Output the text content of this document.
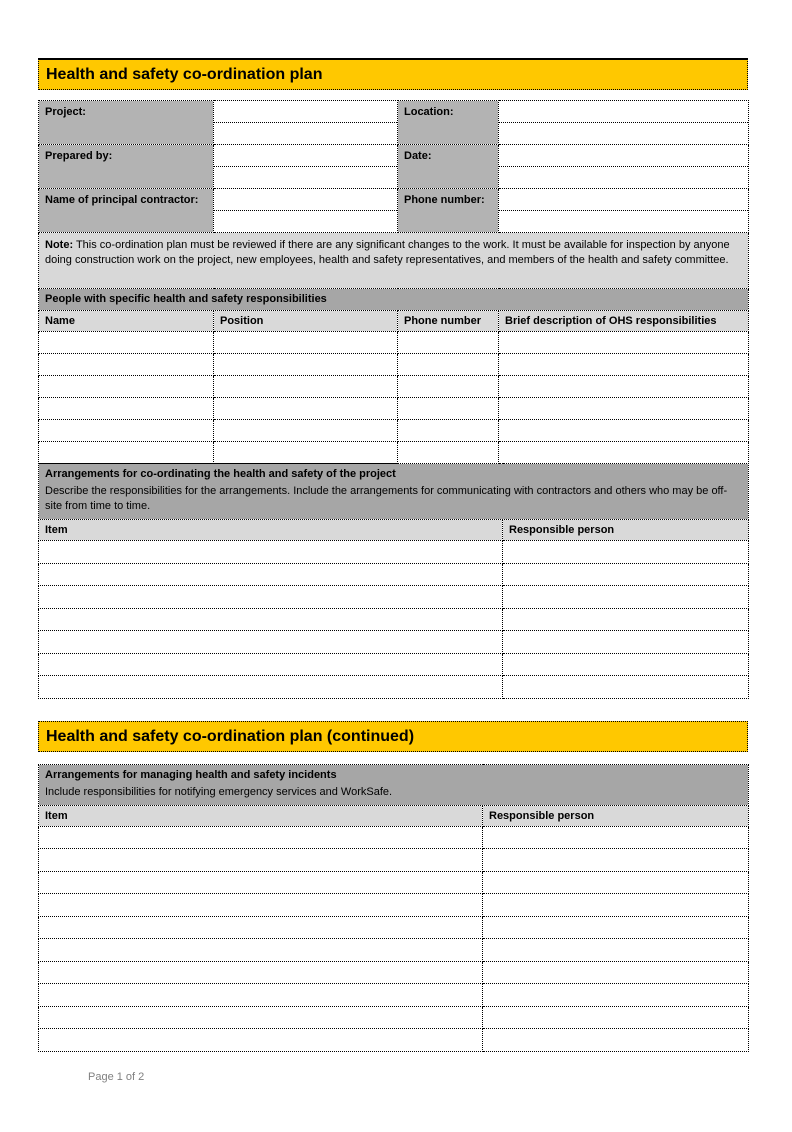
Health and safety co-ordination plan
Project:		Location:	

Prepared by:		Date:	

Name of principal contractor:		Phone number:	

Note: This co-ordination plan must be reviewed if there are any significant changes to the work. It must be available for inspection by anyone doing construction work on the project, new employees, health and safety representatives, and members of the health and safety committee.			
People with specific health and safety responsibilities			
Name	Position	Phone number	Brief description of OHS responsibilities

Arrangements for co-ordinating the health and safety of the project
Describe the responsibilities for the arrangements. Include the arrangements for communicating with contractors and others who may be off-site from time to time.	

Item	Responsible person

Health and safety co-ordination plan (continued)
Arrangements for managing health and safety incidents
Include responsibilities for notifying emergency services and WorkSafe.	

Item	Responsible person

Page 1 of 2
